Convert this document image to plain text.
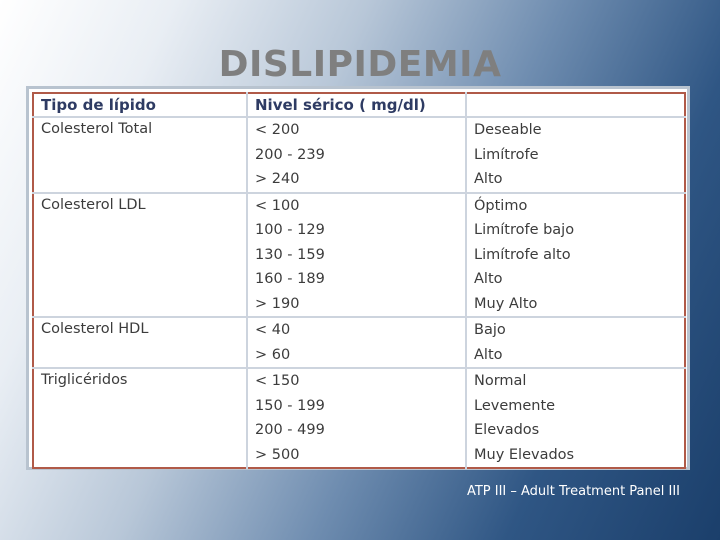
DISLIPIDEMIA
Tipo de lípido	Nivel sérico ( mg/dl)	
Colesterol Total	< 200	Deseable
	200 - 239	Limítrofe
	> 240	Alto
Colesterol LDL	< 100	Óptimo
	100 - 129	Limítrofe bajo
	130 - 159	Limítrofe alto
	160 - 189	Alto
	> 190	Muy Alto
Colesterol HDL	< 40	Bajo
	> 60	Alto
Triglicéridos	< 150	Normal
	150 - 199	Levemente
	200 - 499	Elevados
	> 500	Muy Elevados
ATP III – Adult Treatment Panel III
